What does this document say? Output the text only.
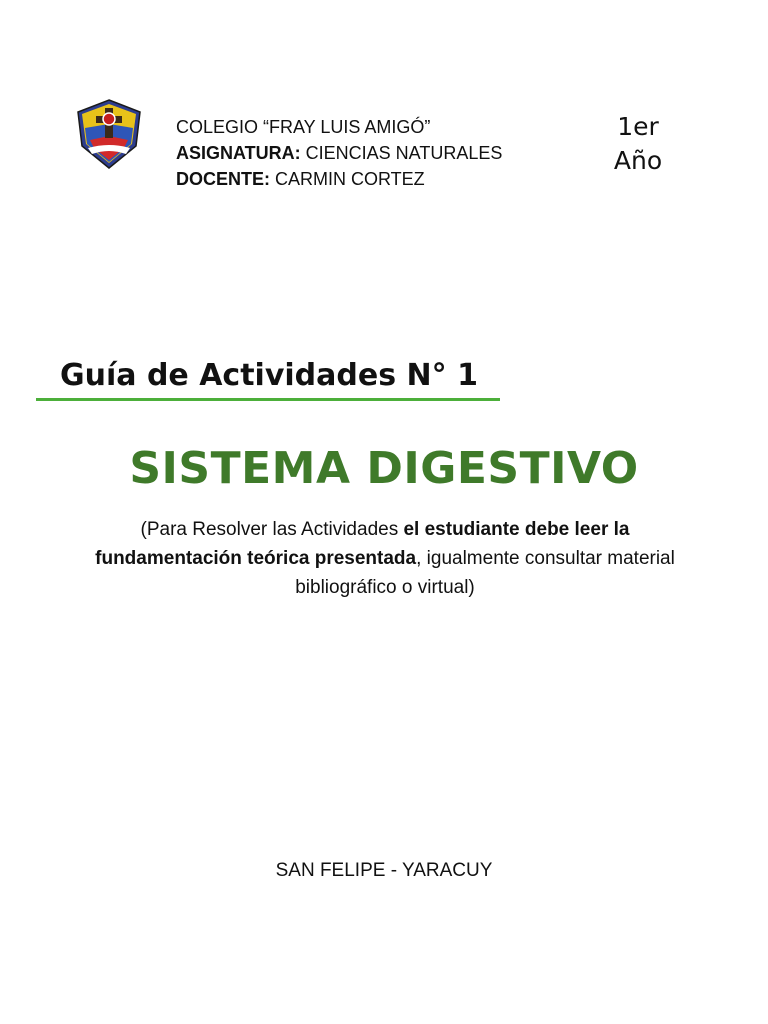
COLEGIO “FRAY LUIS AMIGÓ”
ASIGNATURA: CIENCIAS NATURALES
DOCENTE: CARMIN CORTEZ
1er
Año
Guía de Actividades N° 1
SISTEMA DIGESTIVO
(Para Resolver las Actividades el estudiante debe leer la fundamentación teórica presentada, igualmente consultar material bibliográfico o virtual)
SAN FELIPE - YARACUY
